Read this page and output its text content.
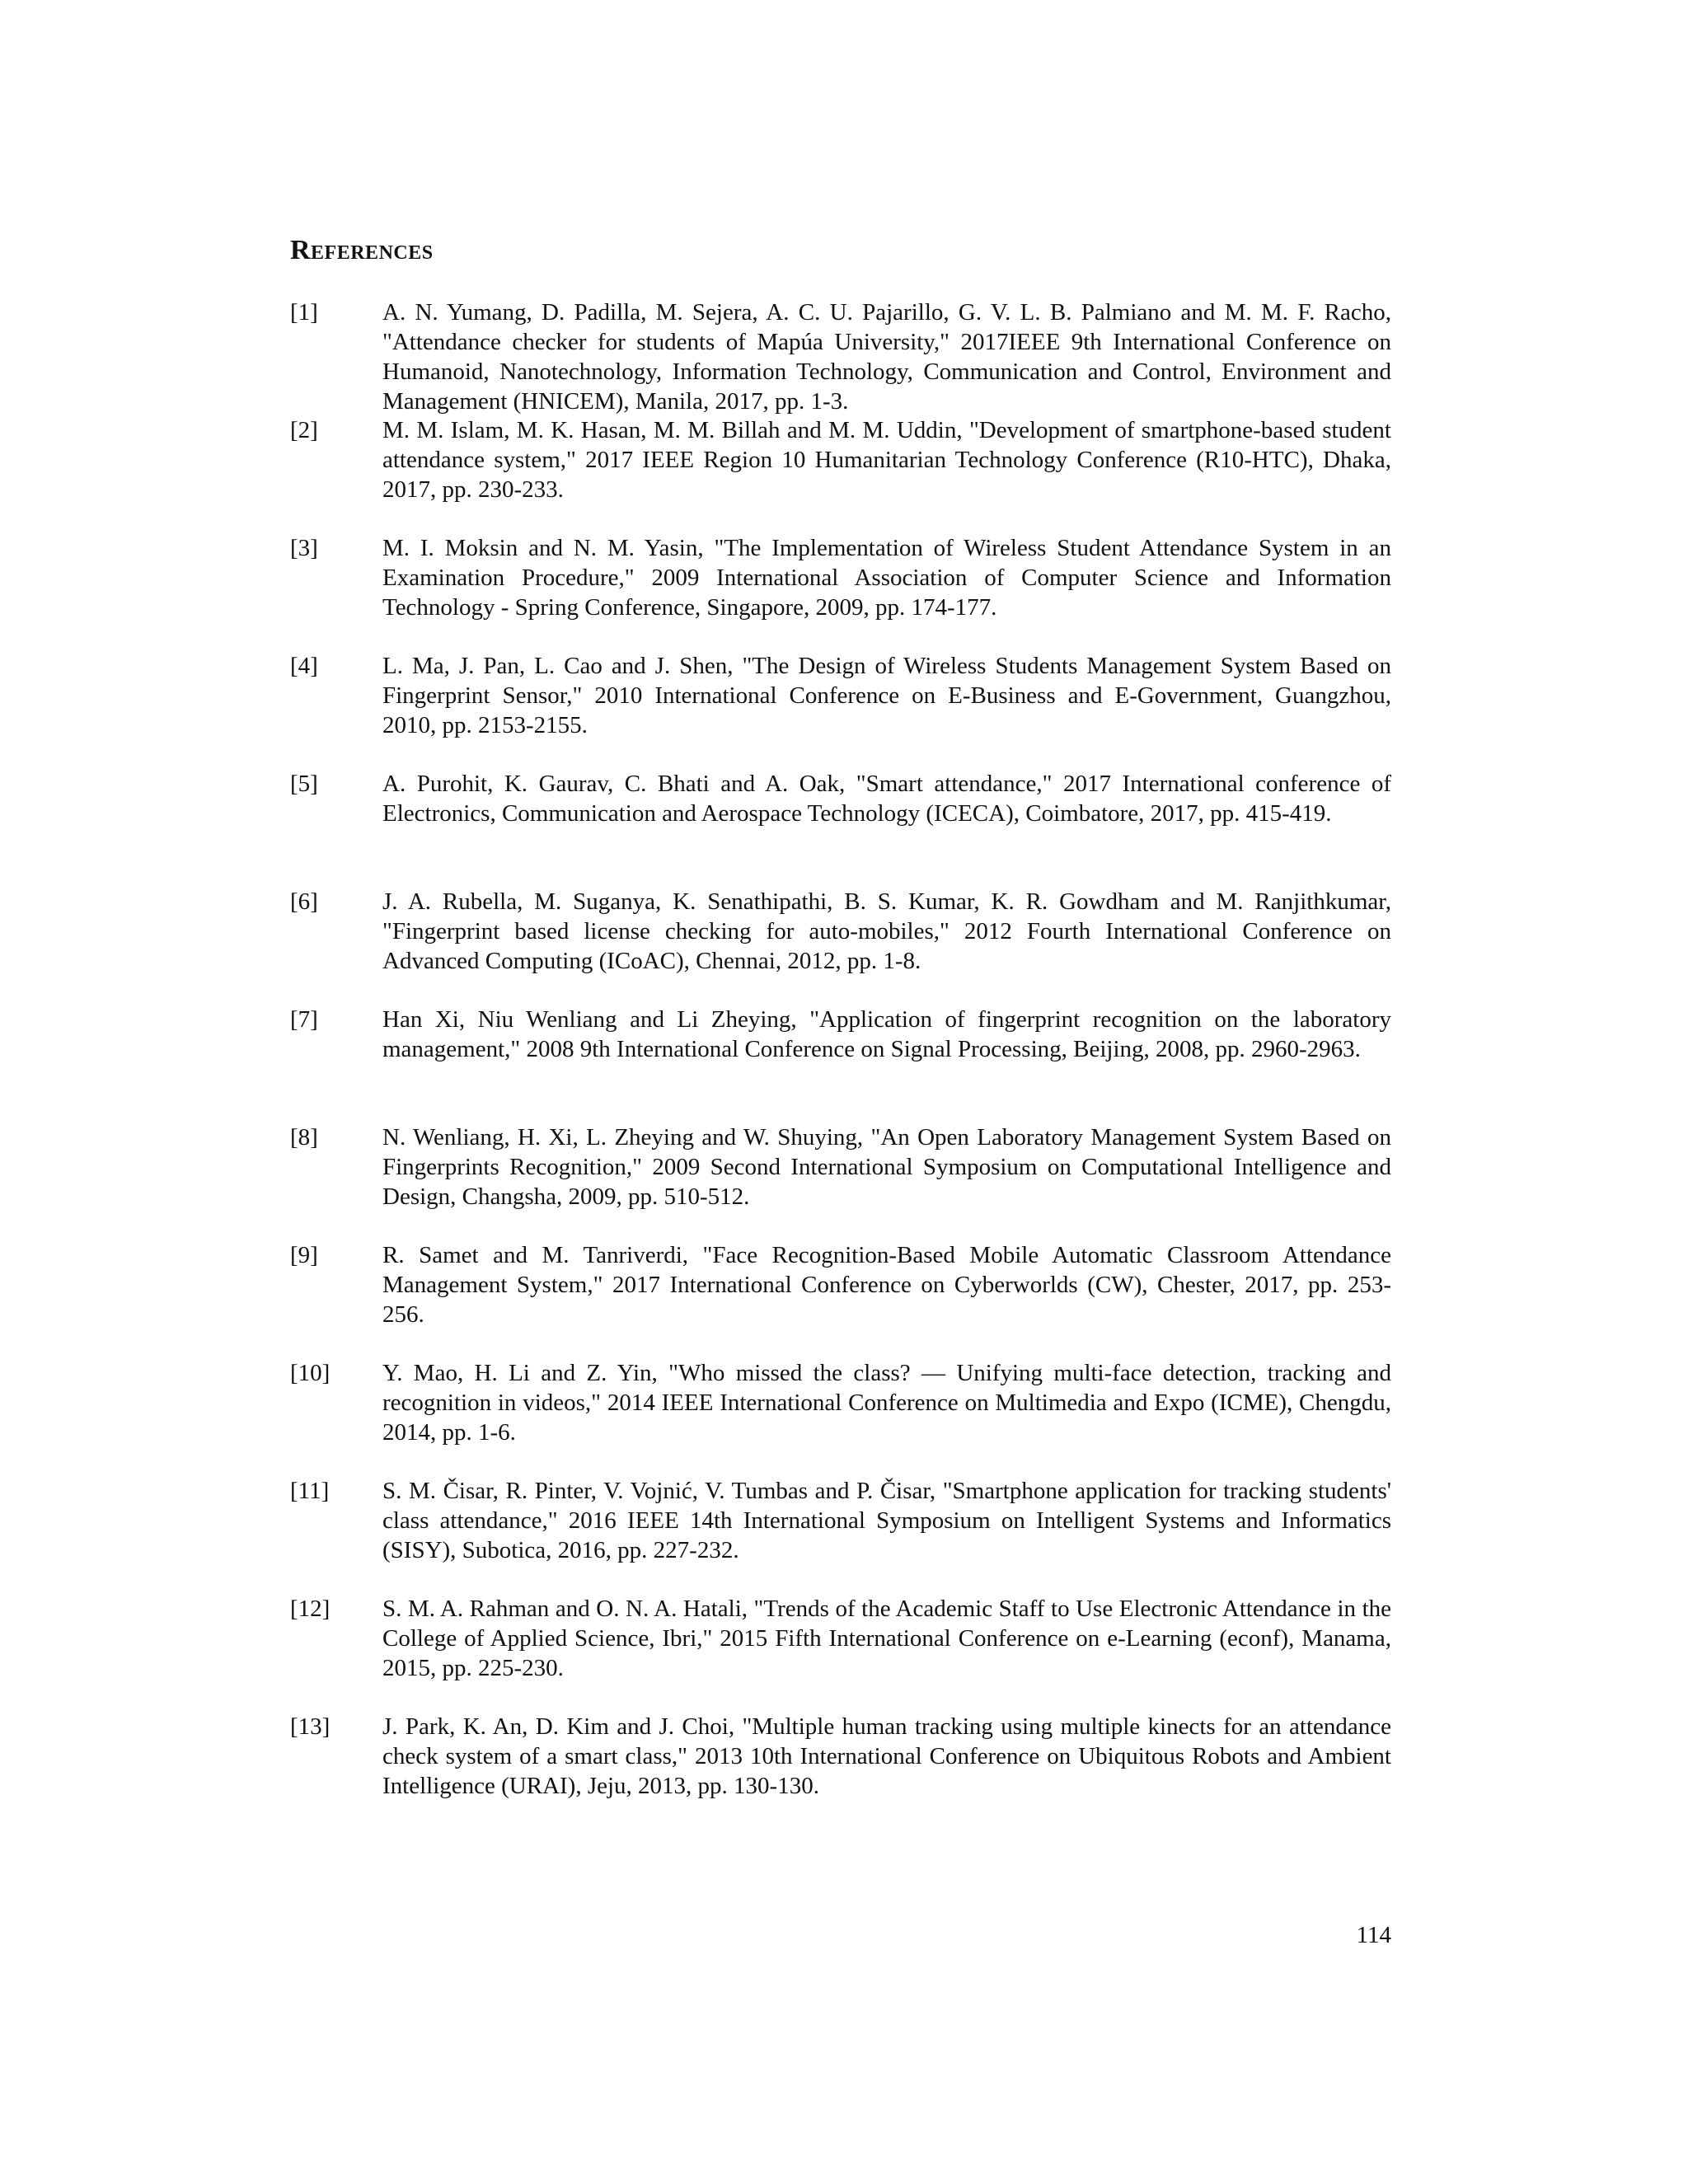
References
[1]	A. N. Yumang, D. Padilla, M. Sejera, A. C. U. Pajarillo, G. V. L. B. Palmiano and M. M. F. Racho, "Attendance checker for students of Mapúa University," 2017IEEE 9th International Conference on Humanoid, Nanotechnology, Information Technology, Communication and Control, Environment and Management (HNICEM), Manila, 2017, pp. 1-3.
[2]	M. M. Islam, M. K. Hasan, M. M. Billah and M. M. Uddin, "Development of smartphone-based student attendance system," 2017 IEEE Region 10 Humanitarian Technology Conference (R10-HTC), Dhaka, 2017, pp. 230-233.
[3]	M. I. Moksin and N. M. Yasin, "The Implementation of Wireless Student Attendance System in an Examination Procedure," 2009 International Association of Computer Science and Information Technology - Spring Conference, Singapore, 2009, pp. 174-177.
[4]	L. Ma, J. Pan, L. Cao and J. Shen, "The Design of Wireless Students Management System Based on Fingerprint Sensor," 2010 International Conference on E-Business and E-Government, Guangzhou, 2010, pp. 2153-2155.
[5]	A. Purohit, K. Gaurav, C. Bhati and A. Oak, "Smart attendance," 2017 International conference of Electronics, Communication and Aerospace Technology (ICECA), Coimbatore, 2017, pp. 415-419.
[6]	J. A. Rubella, M. Suganya, K. Senathipathi, B. S. Kumar, K. R. Gowdham and M. Ranjithkumar, "Fingerprint based license checking for auto-mobiles," 2012 Fourth International Conference on Advanced Computing (ICoAC), Chennai, 2012, pp. 1-8.
[7]	Han Xi, Niu Wenliang and Li Zheying, "Application of fingerprint recognition on the laboratory management," 2008 9th International Conference on Signal Processing, Beijing, 2008, pp. 2960-2963.
[8]	N. Wenliang, H. Xi, L. Zheying and W. Shuying, "An Open Laboratory Management System Based on Fingerprints Recognition," 2009 Second International Symposium on Computational Intelligence and Design, Changsha, 2009, pp. 510-512.
[9]	R. Samet and M. Tanriverdi, "Face Recognition-Based Mobile Automatic Classroom Attendance Management System," 2017 International Conference on Cyberworlds (CW), Chester, 2017, pp. 253-256.
[10]	Y. Mao, H. Li and Z. Yin, "Who missed the class? — Unifying multi-face detection, tracking and recognition in videos," 2014 IEEE International Conference on Multimedia and Expo (ICME), Chengdu, 2014, pp. 1-6.
[11]	S. M. Čisar, R. Pinter, V. Vojnić, V. Tumbas and P. Čisar, "Smartphone application for tracking students' class attendance," 2016 IEEE 14th International Symposium on Intelligent Systems and Informatics (SISY), Subotica, 2016, pp. 227-232.
[12]	S. M. A. Rahman and O. N. A. Hatali, "Trends of the Academic Staff to Use Electronic Attendance in the College of Applied Science, Ibri," 2015 Fifth International Conference on e-Learning (econf), Manama, 2015, pp. 225-230.
[13]	J. Park, K. An, D. Kim and J. Choi, "Multiple human tracking using multiple kinects for an attendance check system of a smart class," 2013 10th International Conference on Ubiquitous Robots and Ambient Intelligence (URAI), Jeju, 2013, pp. 130-130.
114
